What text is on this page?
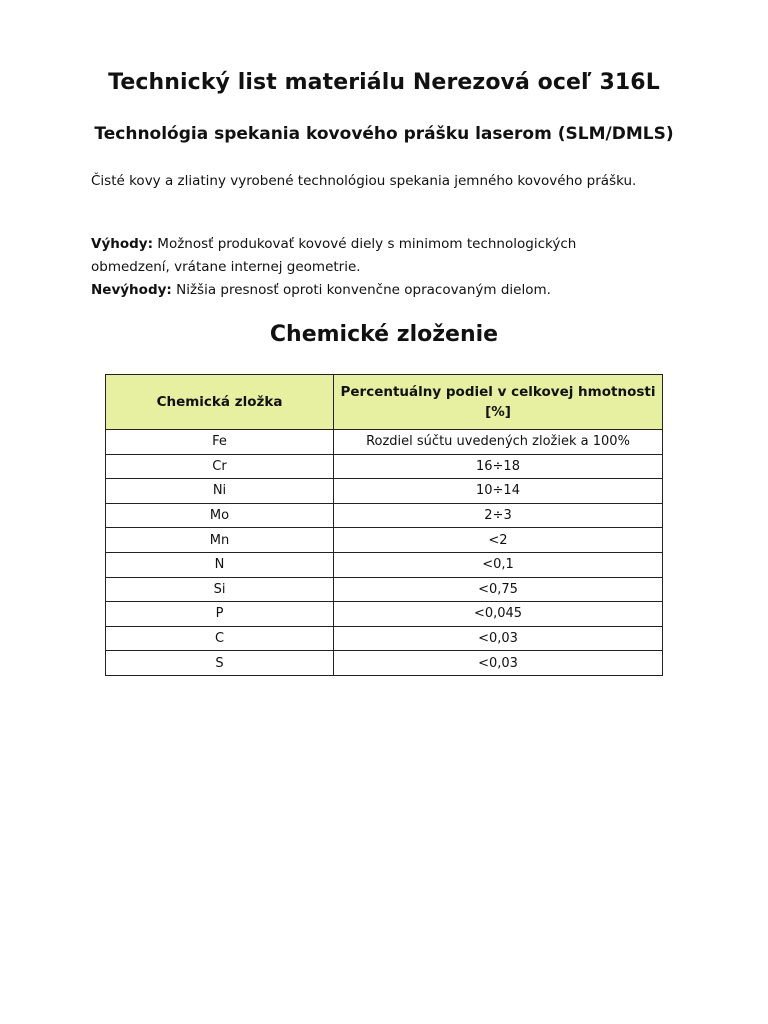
Technický list materiálu Nerezová oceľ 316L
Technológia spekania kovového prášku laserom (SLM/DMLS)
Čisté kovy a zliatiny vyrobené technológiou spekania jemného kovového prášku.
Výhody: Možnosť produkovať kovové diely s minimom technologických obmedzení, vrátane internej geometrie.
Nevýhody: Nižšia presnosť oproti konvenčne opracovaným dielom.
Chemické zloženie
Chemická zložka	Percentuálny podiel v celkovej hmotnosti [%]
Fe	Rozdiel súčtu uvedených zložiek a 100%
Cr	16÷18
Ni	10÷14
Mo	2÷3
Mn	<2
N	<0,1
Si	<0,75
P	<0,045
C	<0,03
S	<0,03
